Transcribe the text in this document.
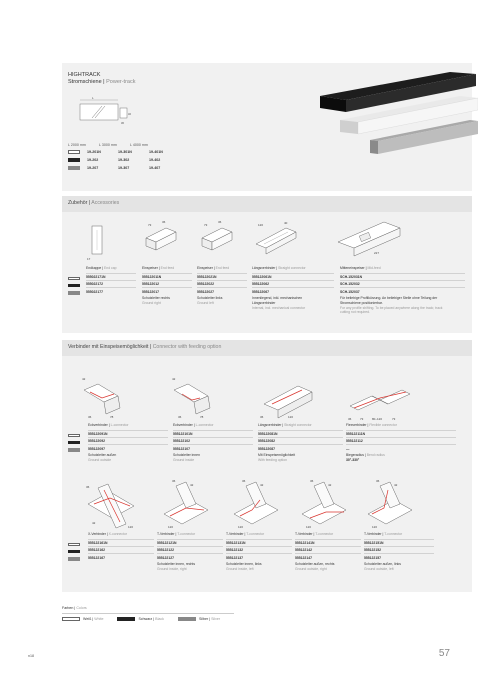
HIGHTRACK
Stromschiene | Power-track
L
32
36
L 2000 mm	L 3000 mm	L 4000 mm
19-201N	19-301N	19-401N
19-202	19-302	19-402
19-207	19-307	19-407
Zubehör | Accessories
17
73
36
73
36
120	40
227
Endkappe | End cap
555022171N
555022172
555022177
Einspeiser | End feed
555122011N
555122012
555122017
Schutzleiter rechts
Ground right
Einspeiser | End feed
555122021N
555122022
555122027
Schutzleiter links
Ground left
Längsverbinder | Straight connector
555122061N
555122062
555122067
Innenliegend, inkl. mechanischen Längsverbinder
Internal, incl. mechanical connector
Mitteneinspeiser | Mid-feed
SCH-152031N
SCH-152032
SCH-152037
Für beliebige Profilkürzung. An beliebiger Stelle ohne Teilung der Stromschiene positionierbar.
For any profile shifting. To be placed anywhere along the track; track cutting not required.
Verbinder mit Einspeisemöglichkeit | Connector with feeding option
42
36	78
42
36	78	36	120	36	73	80–120	73
Eckverbinder | L-connector
555122091N
555122092
555122097
Schutzleiter außen
Ground outside
Eckverbinder | L-connector
555122101N
555122102
555122107
Schutzleiter innen
Ground inside
Längsverbinder | Straight connector
555122081N
555122082
555122087
Mit Einspeisemöglichkeit
With feeding option
Flexverbinder | Flexible connector
555122111N
555122112
—
Biegeradius | Bend radius
30°-330°
36
42
120
36
42
120
36
42
120
36
42
120
36
42
120
X-Verbinder | X-connector
555122161N
555122162
555122167
T-Verbinder | T-connector
555122121N
555122122
555122127
Schutzleiter innen, rechts
Ground inside, right
T-Verbinder | T-connector
555122131N
555122132
555122137
Schutzleiter innen, links
Ground inside, left
T-Verbinder | T-connector
555122141N
555122142
555122147
Schutzleiter außen, rechts
Ground outside, right
T-Verbinder | T-connector
555122151N
555122152
555122157
Schutzleiter außen, links
Ground outside, left
Farben | Colors
Weiß | White	Schwarz | Black	Silber | Silver
n18	57
